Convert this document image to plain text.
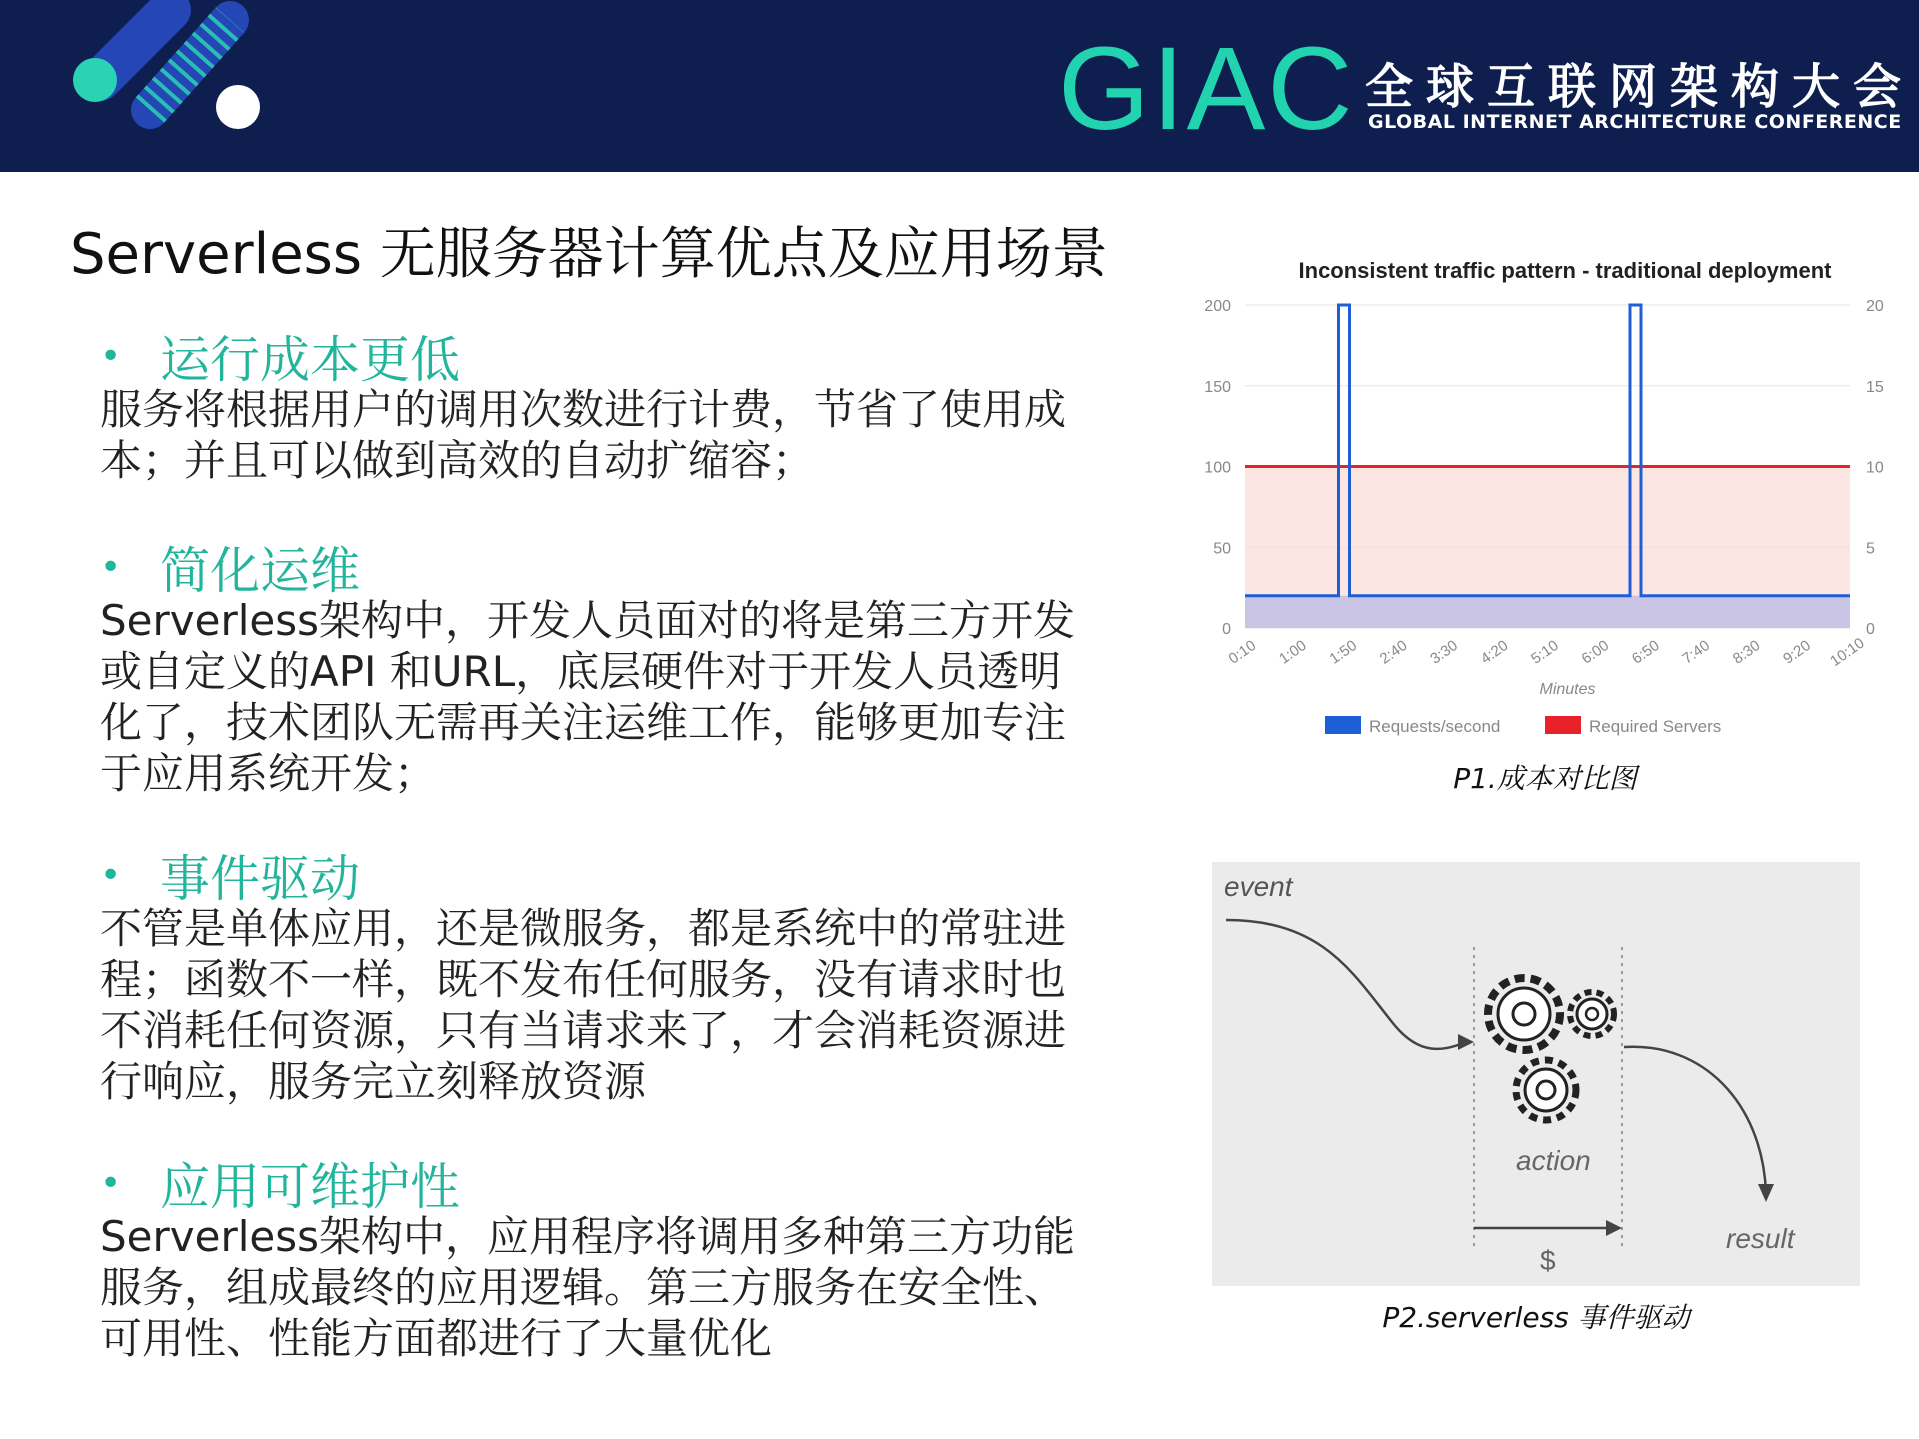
GIAC 全球互联网架构大会
GLOBAL INTERNET ARCHITECTURE CONFERENCE
Serverless 无服务器计算优点及应用场景
• 运行成本更低
服务将根据用户的调用次数进行计费，节省了使用成本；并且可以做到高效的自动扩缩容；
• 简化运维
Serverless架构中，开发人员面对的将是第三方开发或自定义的API 和URL，底层硬件对于开发人员透明化了，技术团队无需再关注运维工作，能够更加专注于应用系统开发；
• 事件驱动
不管是单体应用，还是微服务，都是系统中的常驻进程；函数不一样，既不发布任何服务，没有请求时也不消耗任何资源，只有当请求来了，才会消耗资源进行响应，服务完立刻释放资源
• 应用可维护性
Serverless架构中，应用程序将调用多种第三方功能服务，组成最终的应用逻辑。第三方服务在安全性、可用性、性能方面都进行了大量优化
Inconsistent traffic pattern - traditional deployment
0	0
50	5
100	10
150	15
200	20
0:10 1:00 1:50 2:40 3:30 4:20 5:10 6:00 6:50 7:40 8:30 9:20 10:10
Minutes
Requests/second	Required Servers
P1.成本对比图
event
action
result
$
P2.serverless 事件驱动
